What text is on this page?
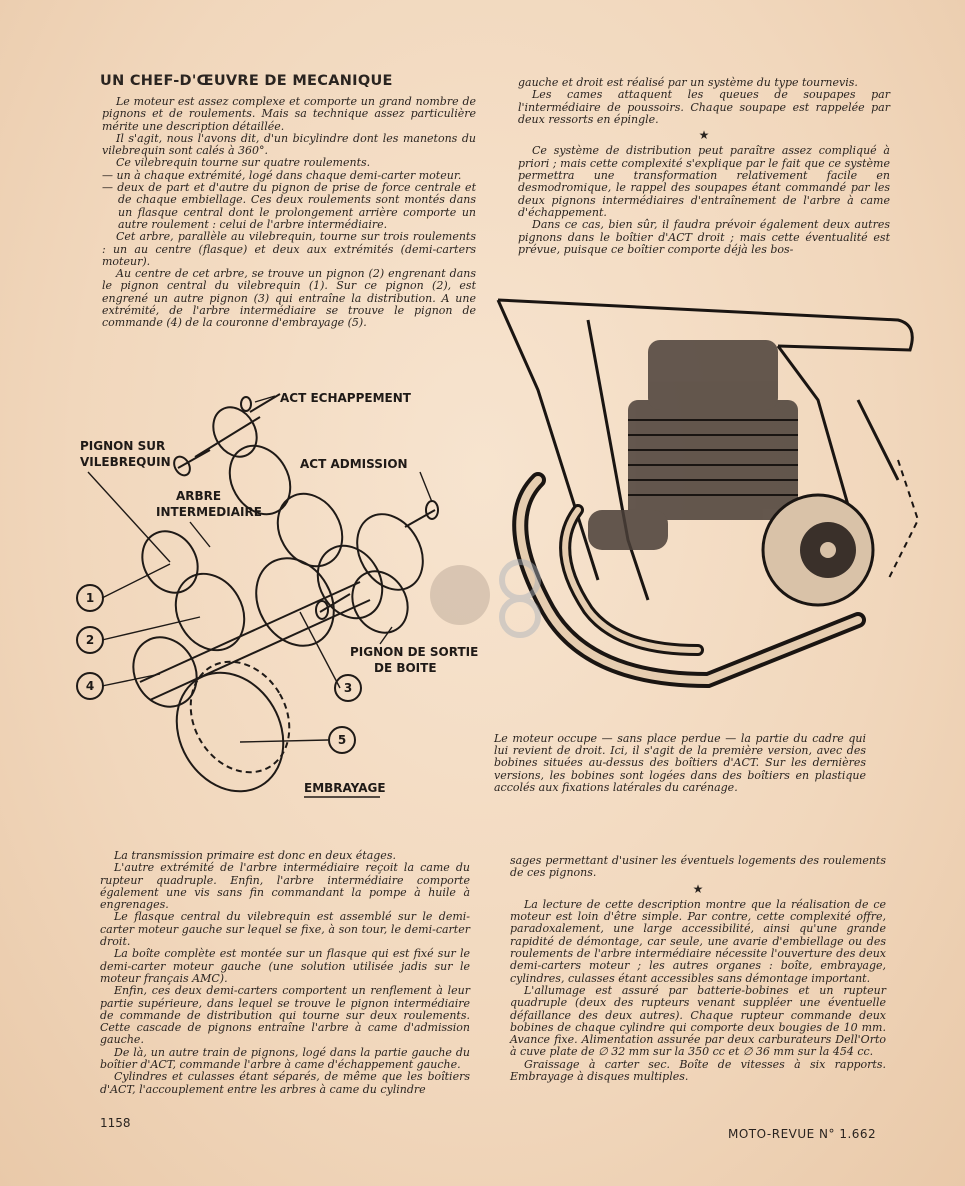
UN CHEF-D'ŒUVRE DE MECANIQUE

Le moteur est assez complexe et comporte un grand nombre de pignons et de roulements. Mais sa technique assez particulière mérite une description détaillée.

Il s'agit, nous l'avons dit, d'un bicylindre dont les manetons du vilebrequin sont calés à 360°.

Ce vilebrequin tourne sur quatre roulements.

— un à chaque extrémité, logé dans chaque demi-carter moteur.

— deux de part et d'autre du pignon de prise de force centrale et de chaque embiellage. Ces deux roulements sont montés dans un flasque central dont le prolongement arrière comporte un autre roulement : celui de l'arbre intermédiaire.

Cet arbre, parallèle au vilebrequin, tourne sur trois roulements : un au centre (flasque) et deux aux extrémités (demi-carters moteur).

Au centre de cet arbre, se trouve un pignon (2) engrenant dans le pignon central du vilebrequin (1). Sur ce pignon (2), est engrené un autre pignon (3) qui entraîne la distribution. A une extrémité, de l'arbre intermédiaire se trouve le pignon de commande (4) de la couronne d'embrayage (5).

gauche et droit est réalisé par un système du type tournevis.

Les cames attaquent les queues de soupapes par l'intermédiaire de poussoirs. Chaque soupape est rappelée par deux ressorts en épingle.

★

Ce système de distribution peut paraître assez compliqué à priori ; mais cette complexité s'explique par le fait que ce système permettra une transformation relativement facile en desmodromique, le rappel des soupapes étant commandé par les deux pignons intermédiaires d'entraînement de l'arbre à came d'échappement.

Dans ce cas, bien sûr, il faudra prévoir également deux autres pignons dans le boîtier d'ACT droit ; mais cette éventualité est prévue, puisque ce boîtier comporte déjà les bos-

1
2
4	3
5
ACT ECHAPPEMENT
PIGNON SUR
VILEBREQUIN	ACT ADMISSION
ARBRE
INTERMEDIAIRE
PIGNON DE SORTIE
DE BOITE
EMBRAYAGE

Le moteur occupe — sans place perdue — la partie du cadre qui lui revient de droit. Ici, il s'agit de la première version, avec des bobines situées au-dessus des boîtiers d'ACT. Sur les dernières versions, les bobines sont logées dans des boîtiers en plastique accolés aux fixations latérales du carénage.

La transmission primaire est donc en deux étages.

L'autre extrémité de l'arbre intermédiaire reçoit la came du rupteur quadruple. Enfin, l'arbre intermédiaire comporte également une vis sans fin commandant la pompe à huile à engrenages.

Le flasque central du vilebrequin est assemblé sur le demi-carter moteur gauche sur lequel se fixe, à son tour, le demi-carter droit.

La boîte complète est montée sur un flasque qui est fixé sur le demi-carter moteur gauche (une solution utilisée jadis sur le moteur français AMC).

Enfin, ces deux demi-carters comportent un renflement à leur partie supérieure, dans lequel se trouve le pignon intermédiaire de commande de distribution qui tourne sur deux roulements. Cette cascade de pignons entraîne l'arbre à came d'admission gauche.

De là, un autre train de pignons, logé dans la partie gauche du boîtier d'ACT, commande l'arbre à came d'échappement gauche.

Cylindres et culasses étant séparés, de même que les boîtiers d'ACT, l'accouplement entre les arbres à came du cylindre

sages permettant d'usiner les éventuels logements des roulements de ces pignons.

★

La lecture de cette description montre que la réalisation de ce moteur est loin d'être simple. Par contre, cette complexité offre, paradoxalement, une large accessibilité, ainsi qu'une grande rapidité de démontage, car seule, une avarie d'embiellage ou des roulements de l'arbre intermédiaire nécessite l'ouverture des deux demi-carters moteur ; les autres organes : boîte, embrayage, cylindres, culasses étant accessibles sans démontage important.

L'allumage est assuré par batterie-bobines et un rupteur quadruple (deux des rupteurs venant suppléer une éventuelle défaillance des deux autres). Chaque rupteur commande deux bobines de chaque cylindre qui comporte deux bougies de 10 mm. Avance fixe. Alimentation assurée par deux carburateurs Dell'Orto à cuve plate de ∅ 32 mm sur la 350 cc et ∅ 36 mm sur la 454 cc.

Graissage à carter sec. Boîte de vitesses à six rapports. Embrayage à disques multiples.

1158
MOTO-REVUE N° 1.662
